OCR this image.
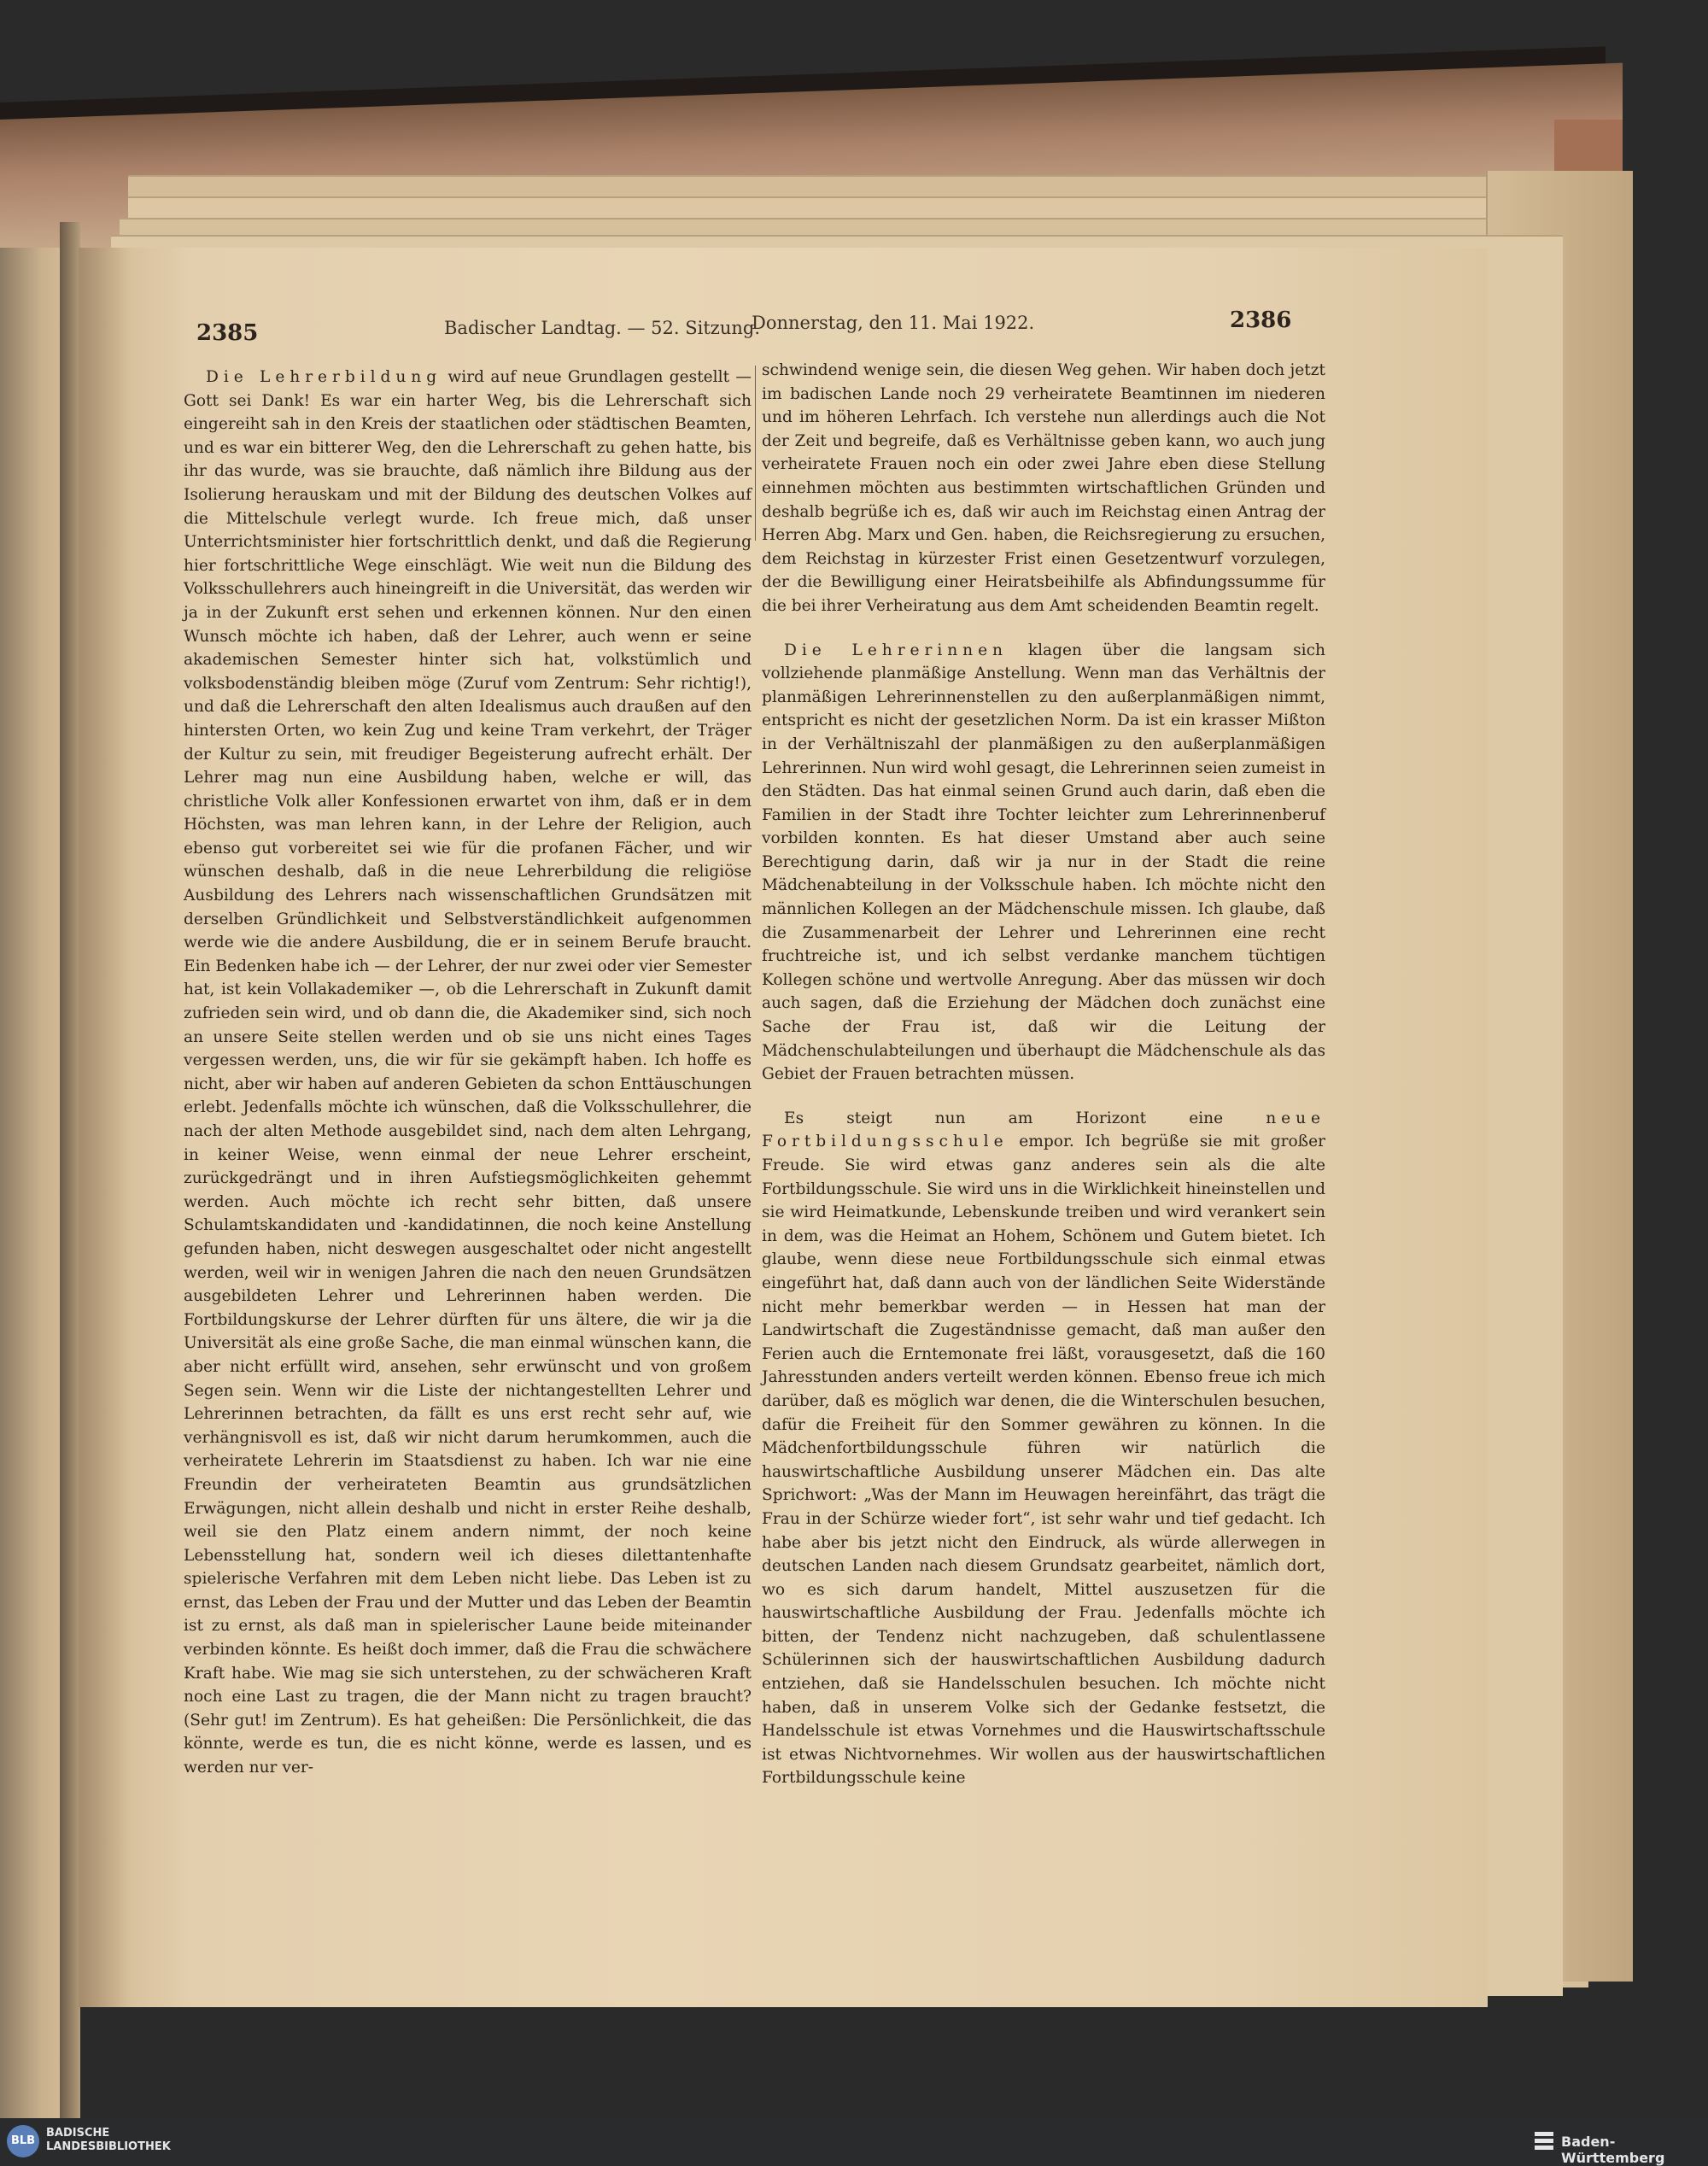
2385	Badischer Landtag. — 52. Sitzung.
Donnerstag, den 11. Mai 1922.	2386

Die Lehrerbildung wird auf neue Grundlagen gestellt — Gott sei Dank! Es war ein harter Weg, bis die Lehrerschaft sich eingereiht sah in den Kreis der staatlichen oder städtischen Beamten, und es war ein bitterer Weg, den die Lehrerschaft zu gehen hatte, bis ihr das wurde, was sie brauchte, daß nämlich ihre Bildung aus der Isolierung herauskam und mit der Bildung des deutschen Volkes auf die Mittelschule verlegt wurde. Ich freue mich, daß unser Unterrichtsminister hier fortschrittlich denkt, und daß die Regierung hier fortschrittliche Wege einschlägt. Wie weit nun die Bildung des Volksschullehrers auch hineingreift in die Universität, das werden wir ja in der Zukunft erst sehen und erkennen können. Nur den einen Wunsch möchte ich haben, daß der Lehrer, auch wenn er seine akademischen Semester hinter sich hat, volkstümlich und volksbodenständig bleiben möge (Zuruf vom Zentrum: Sehr richtig!), und daß die Lehrerschaft den alten Idealismus auch draußen auf den hintersten Orten, wo kein Zug und keine Tram verkehrt, der Träger der Kultur zu sein, mit freudiger Begeisterung aufrecht erhält. Der Lehrer mag nun eine Ausbildung haben, welche er will, das christliche Volk aller Konfessionen erwartet von ihm, daß er in dem Höchsten, was man lehren kann, in der Lehre der Religion, auch ebenso gut vorbereitet sei wie für die profanen Fächer, und wir wünschen deshalb, daß in die neue Lehrerbildung die religiöse Ausbildung des Lehrers nach wissenschaftlichen Grundsätzen mit derselben Gründlichkeit und Selbstverständlichkeit aufgenommen werde wie die andere Ausbildung, die er in seinem Berufe braucht. Ein Bedenken habe ich — der Lehrer, der nur zwei oder vier Semester hat, ist kein Vollakademiker —, ob die Lehrerschaft in Zukunft damit zufrieden sein wird, und ob dann die, die Akademiker sind, sich noch an unsere Seite stellen werden und ob sie uns nicht eines Tages vergessen werden, uns, die wir für sie gekämpft haben. Ich hoffe es nicht, aber wir haben auf anderen Gebieten da schon Enttäuschungen erlebt. Jedenfalls möchte ich wünschen, daß die Volksschullehrer, die nach der alten Methode ausgebildet sind, nach dem alten Lehrgang, in keiner Weise, wenn einmal der neue Lehrer erscheint, zurückgedrängt und in ihren Aufstiegsmöglichkeiten gehemmt werden. Auch möchte ich recht sehr bitten, daß unsere Schulamtskandidaten und -kandidatinnen, die noch keine Anstellung gefunden haben, nicht deswegen ausgeschaltet oder nicht angestellt werden, weil wir in wenigen Jahren die nach den neuen Grundsätzen ausgebildeten Lehrer und Lehrerinnen haben werden. Die Fortbildungskurse der Lehrer dürften für uns ältere, die wir ja die Universität als eine große Sache, die man einmal wünschen kann, die aber nicht erfüllt wird, ansehen, sehr erwünscht und von großem Segen sein. Wenn wir die Liste der nichtangestellten Lehrer und Lehrerinnen betrachten, da fällt es uns erst recht sehr auf, wie verhängnisvoll es ist, daß wir nicht darum herumkommen, auch die verheiratete Lehrerin im Staatsdienst zu haben. Ich war nie eine Freundin der verheirateten Beamtin aus grundsätzlichen Erwägungen, nicht allein deshalb und nicht in erster Reihe deshalb, weil sie den Platz einem andern nimmt, der noch keine Lebensstellung hat, sondern weil ich dieses dilettantenhafte spielerische Verfahren mit dem Leben nicht liebe. Das Leben ist zu ernst, das Leben der Frau und der Mutter und das Leben der Beamtin ist zu ernst, als daß man in spielerischer Laune beide miteinander verbinden könnte. Es heißt doch immer, daß die Frau die schwächere Kraft habe. Wie mag sie sich unterstehen, zu der schwächeren Kraft noch eine Last zu tragen, die der Mann nicht zu tragen braucht? (Sehr gut! im Zentrum). Es hat geheißen: Die Persönlichkeit, die das könnte, werde es tun, die es nicht könne, werde es lassen, und es werden nur ver-

schwindend wenige sein, die diesen Weg gehen. Wir haben doch jetzt im badischen Lande noch 29 verheiratete Beamtinnen im niederen und im höheren Lehrfach. Ich verstehe nun allerdings auch die Not der Zeit und begreife, daß es Verhältnisse geben kann, wo auch jung verheiratete Frauen noch ein oder zwei Jahre eben diese Stellung einnehmen möchten aus bestimmten wirtschaftlichen Gründen und deshalb begrüße ich es, daß wir auch im Reichstag einen Antrag der Herren Abg. Marx und Gen. haben, die Reichsregierung zu ersuchen, dem Reichstag in kürzester Frist einen Gesetzentwurf vorzulegen, der die Bewilligung einer Heiratsbeihilfe als Abfindungssumme für die bei ihrer Verheiratung aus dem Amt scheidenden Beamtin regelt.

Die Lehrerinnen klagen über die langsam sich vollziehende planmäßige Anstellung. Wenn man das Verhältnis der planmäßigen Lehrerinnenstellen zu den außerplanmäßigen nimmt, entspricht es nicht der gesetzlichen Norm. Da ist ein krasser Mißton in der Verhältniszahl der planmäßigen zu den außerplanmäßigen Lehrerinnen. Nun wird wohl gesagt, die Lehrerinnen seien zumeist in den Städten. Das hat einmal seinen Grund auch darin, daß eben die Familien in der Stadt ihre Tochter leichter zum Lehrerinnenberuf vorbilden konnten. Es hat dieser Umstand aber auch seine Berechtigung darin, daß wir ja nur in der Stadt die reine Mädchenabteilung in der Volksschule haben. Ich möchte nicht den männlichen Kollegen an der Mädchenschule missen. Ich glaube, daß die Zusammenarbeit der Lehrer und Lehrerinnen eine recht fruchtreiche ist, und ich selbst verdanke manchem tüchtigen Kollegen schöne und wertvolle Anregung. Aber das müssen wir doch auch sagen, daß die Erziehung der Mädchen doch zunächst eine Sache der Frau ist, daß wir die Leitung der Mädchenschulabteilungen und überhaupt die Mädchenschule als das Gebiet der Frauen betrachten müssen.

Es steigt nun am Horizont eine neue Fortbildungsschule empor. Ich begrüße sie mit großer Freude. Sie wird etwas ganz anderes sein als die alte Fortbildungsschule. Sie wird uns in die Wirklichkeit hineinstellen und sie wird Heimatkunde, Lebenskunde treiben und wird verankert sein in dem, was die Heimat an Hohem, Schönem und Gutem bietet. Ich glaube, wenn diese neue Fortbildungsschule sich einmal etwas eingeführt hat, daß dann auch von der ländlichen Seite Widerstände nicht mehr bemerkbar werden — in Hessen hat man der Landwirtschaft die Zugeständnisse gemacht, daß man außer den Ferien auch die Erntemonate frei läßt, vorausgesetzt, daß die 160 Jahresstunden anders verteilt werden können. Ebenso freue ich mich darüber, daß es möglich war denen, die die Winterschulen besuchen, dafür die Freiheit für den Sommer gewähren zu können. In die Mädchenfortbildungsschule führen wir natürlich die hauswirtschaftliche Ausbildung unserer Mädchen ein. Das alte Sprichwort: „Was der Mann im Heuwagen hereinfährt, das trägt die Frau in der Schürze wieder fort“, ist sehr wahr und tief gedacht. Ich habe aber bis jetzt nicht den Eindruck, als würde allerwegen in deutschen Landen nach diesem Grundsatz gearbeitet, nämlich dort, wo es sich darum handelt, Mittel auszusetzen für die hauswirtschaftliche Ausbildung der Frau. Jedenfalls möchte ich bitten, der Tendenz nicht nachzugeben, daß schulentlassene Schülerinnen sich der hauswirtschaftlichen Ausbildung dadurch entziehen, daß sie Handelsschulen besuchen. Ich möchte nicht haben, daß in unserem Volke sich der Gedanke festsetzt, die Handelsschule ist etwas Vornehmes und die Hauswirtschaftsschule ist etwas Nichtvornehmes. Wir wollen aus der hauswirtschaftlichen Fortbildungsschule keine

BLB
BADISCHE
LANDESBIBLIOTHEK	Baden-Württemberg
